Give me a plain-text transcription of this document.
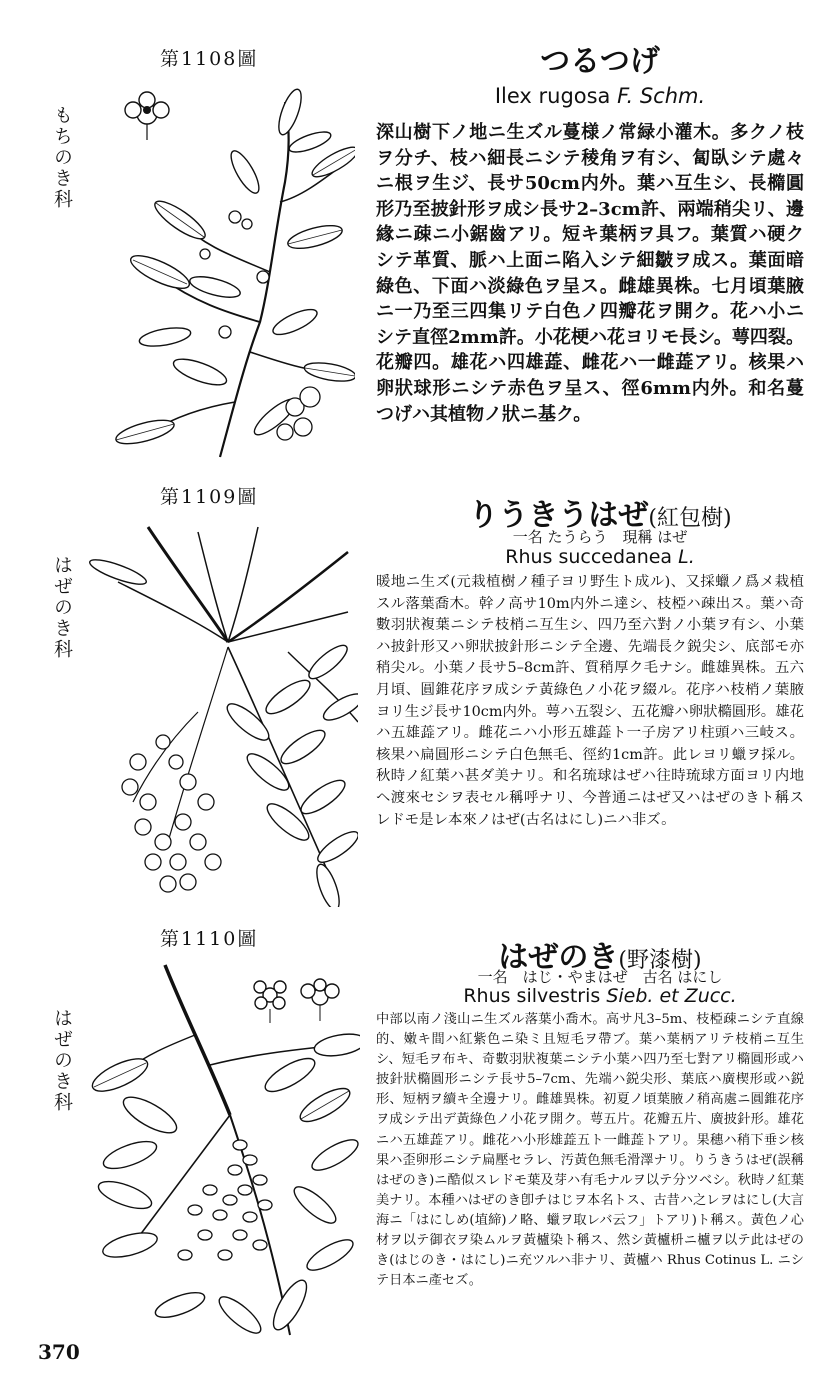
第1108圖
もちのき科
つるつげ
Ilex rugosa F. Schm.
深山樹下ノ地ニ生ズル蔓様ノ常緑小灌木。多クノ枝ヲ分チ、枝ハ細長ニシテ稜角ヲ有シ、匐臥シテ處々ニ根ヲ生ジ、長サ50cm内外。葉ハ互生シ、長橢圓形乃至披針形ヲ成シ長サ2–3cm許、兩端稍尖リ、邊緣ニ疎ニ小鋸齒アリ。短キ葉柄ヲ具フ。葉質ハ硬クシテ革質、脈ハ上面ニ陷入シテ細皺ヲ成ス。葉面暗綠色、下面ハ淡綠色ヲ呈ス。雌雄異株。七月頃葉腋ニ一乃至三四集リテ白色ノ四瓣花ヲ開ク。花ハ小ニシテ直徑2mm許。小花梗ハ花ヨリモ長シ。萼四裂。花瓣四。雄花ハ四雄蕋、雌花ハ一雌蕋アリ。核果ハ卵狀球形ニシテ赤色ヲ呈ス、徑6mm内外。和名蔓つげハ其植物ノ狀ニ基ク。
第1109圖
はぜのき科
りうきうはぜ(紅包樹)
一名 たうらう　現稱 はぜ
Rhus succedanea L.
暖地ニ生ズ(元栽植樹ノ種子ヨリ野生ト成ル)、又採蠟ノ爲メ栽植スル落葉喬木。幹ノ高サ10m内外ニ達シ、枝椏ハ疎出ス。葉ハ奇數羽狀複葉ニシテ枝梢ニ互生シ、四乃至六對ノ小葉ヲ有シ、小葉ハ披針形又ハ卵狀披針形ニシテ全邊、先端長ク鋭尖シ、底部モ亦稍尖ル。小葉ノ長サ5–8cm許、質稍厚ク毛ナシ。雌雄異株。五六月頃、圓錐花序ヲ成シテ黃綠色ノ小花ヲ綴ル。花序ハ枝梢ノ葉腋ヨリ生ジ長サ10cm内外。萼ハ五裂シ、五花瓣ハ卵狀橢圓形。雄花ハ五雄蕋アリ。雌花ニハ小形五雄蕋ト一子房アリ柱頭ハ三岐ス。核果ハ扁圓形ニシテ白色無毛、徑約1cm許。此レヨリ蠟ヲ採ル。秋時ノ紅葉ハ甚ダ美ナリ。和名琉球はぜハ往時琉球方面ヨリ内地ヘ渡來セシヲ表セル稱呼ナリ、今普通ニはぜ又ハはぜのきト稱スレドモ是レ本來ノはぜ(古名はにし)ニハ非ズ。
第1110圖
はぜのき科
はぜのき(野漆樹)
一名　はじ・やまはぜ　古名 はにし
Rhus silvestris Sieb. et Zucc.
中部以南ノ淺山ニ生ズル落葉小喬木。高サ凡3–5m、枝椏疎ニシテ直線的、嫩キ間ハ紅紫色ニ染ミ且短毛ヲ帶ブ。葉ハ葉柄アリテ枝梢ニ互生シ、短毛ヲ布キ、奇數羽狀複葉ニシテ小葉ハ四乃至七對アリ橢圓形或ハ披針狀橢圓形ニシテ長サ5–7cm、先端ハ鋭尖形、葉底ハ廣楔形或ハ鋭形、短柄ヲ續キ全邊ナリ。雌雄異株。初夏ノ頃葉腋ノ稍高處ニ圓錐花序ヲ成シテ出デ黃綠色ノ小花ヲ開ク。萼五片。花瓣五片、廣披針形。雄花ニハ五雄蕋アリ。雌花ハ小形雄蕋五ト一雌蕋トアリ。果穗ハ稍下垂シ核果ハ歪卵形ニシテ扁壓セラレ、汚黃色無毛滑澤ナリ。りうきうはぜ(誤稱はぜのき)ニ酷似スレドモ葉及芽ハ有毛ナルヲ以テ分ツベシ。秋時ノ紅葉美ナリ。本種ハはぜのき卽チはじヲ本名トス、古昔ハ之レヲはにし(大言海ニ「はにしめ(埴締)ノ略、蠟ヲ取レバ云フ」トアリ)ト稱ス。黃色ノ心材ヲ以テ御衣ヲ染ムルヲ黃櫨染ト稱ス、然シ黃櫨枡ニ櫨ヲ以テ此はぜのき(はじのき・はにし)ニ充ツルハ非ナリ、黃櫨ハ Rhus Cotinus L. ニシテ日本ニ產セズ。
370
